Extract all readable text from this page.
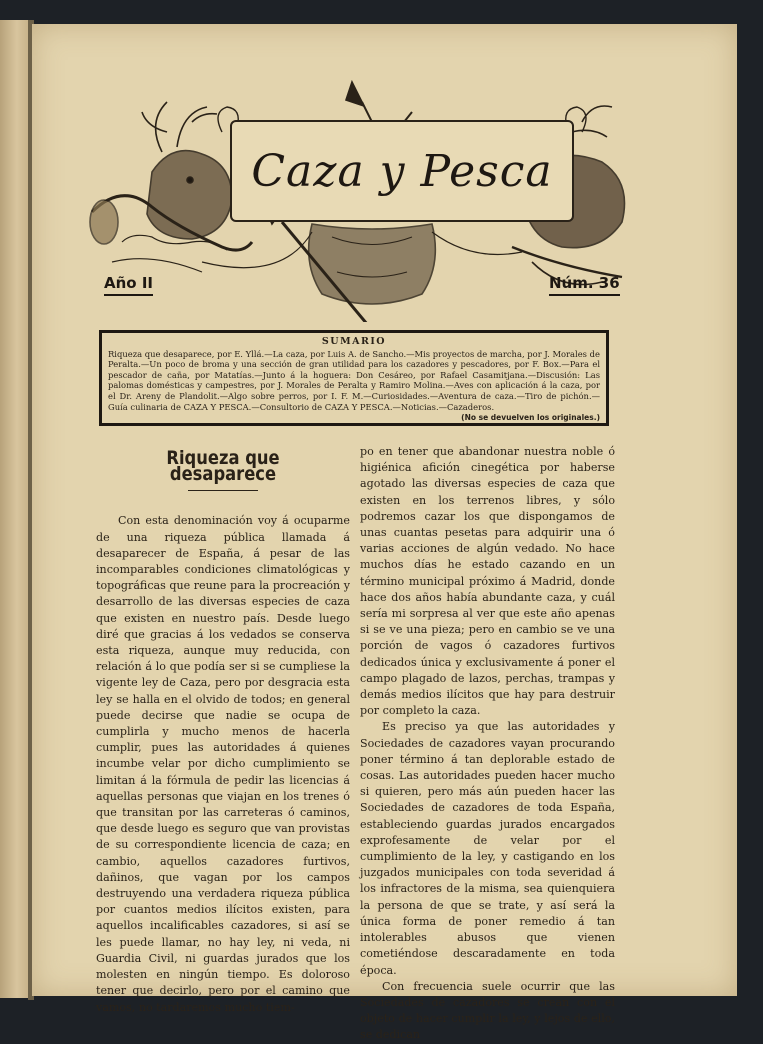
Caza y Pesca
Año II	Núm. 36
SUMARIO

Riqueza que desaparece, por E. Yllá.—La caza, por Luis A. de Sancho.—Mis proyectos de marcha, por J. Morales de Peralta.—Un poco de broma y una sección de gran utilidad para los cazadores y pescadores, por F. Box.—Para el pescador de caña, por Matatías.—Junto á la hoguera: Don Cesáreo, por Rafael Casamitjana.—Discusión: Las palomas domésticas y campestres, por J. Morales de Peralta y Ramiro Molina.—Aves con aplicación á la caza, por el Dr. Areny de Plandolit.—Algo sobre perros, por I. F. M.—Curiosidades.—Aventura de caza.—Tiro de pichón.—Guía culinaria de CAZA Y PESCA.—Consultorio de CAZA Y PESCA.—Noticias.—Cazaderos.

(No se devuelven los originales.)
Riqueza que desaparece

Con esta denominación voy á ocuparme de una riqueza pública llamada á desaparecer de España, á pesar de las incomparables condiciones climatológicas y topográficas que reune para la procreación y desarrollo de las diversas especies de caza que existen en nuestro país. Desde luego diré que gracias á los vedados se conserva esta riqueza, aunque muy reducida, con relación á lo que podía ser si se cumpliese la vigente ley de Caza, pero por desgracia esta ley se halla en el olvido de todos; en general puede decirse que nadie se ocupa de cumplirla y mucho menos de hacerla cumplir, pues las autoridades á quienes incumbe velar por dicho cumplimiento se limitan á la fórmula de pedir las licencias á aquellas personas que viajan en los trenes ó que transitan por las carreteras ó caminos, que desde luego es seguro que van provistas de su correspondiente licencia de caza; en cambio, aquellos cazadores furtivos, dañinos, que vagan por los campos destruyendo una verdadera riqueza pública por cuantos medios ilícitos existen, para aquellos incalificables cazadores, si así se les puede llamar, no hay ley, ni veda, ni Guardia Civil, ni guardas jurados que los molesten en ningún tiempo. Es doloroso tener que decirlo, pero por el camino que vamos, no tardaremos mucho tiem-

po en tener que abandonar nuestra noble ó higiénica afición cinegética por haberse agotado las diversas especies de caza que existen en los terrenos libres, y sólo podremos cazar los que dispongamos de unas cuantas pesetas para adquirir una ó varias acciones de algún vedado. No hace muchos días he estado cazando en un término municipal próximo á Madrid, donde hace dos años había abundante caza, y cuál sería mi sorpresa al ver que este año apenas si se ve una pieza; pero en cambio se ve una porción de vagos ó cazadores furtivos dedicados única y exclusivamente á poner el campo plagado de lazos, perchas, trampas y demás medios ilícitos que hay para destruir por completo la caza.

Es preciso ya que las autoridades y Sociedades de cazadores vayan procurando poner término á tan deplorable estado de cosas. Las autoridades pueden hacer mucho si quieren, pero más aún pueden hacer las Sociedades de cazadores de toda España, estableciendo guardas jurados encargados exprofesamente de velar por el cumplimiento de la ley, y castigando en los juzgados municipales con toda severidad á los infractores de la misma, sea quienquiera la persona de que se trate, y así será la única forma de poner remedio á tan intolerables abusos que vienen cometiéndose descaradamente en toda época.

Con frecuencia suele ocurrir que las Sociedades de cazadores se crean con el objeto de hacer cumplir la ley, y lejos de ello, se dedican
